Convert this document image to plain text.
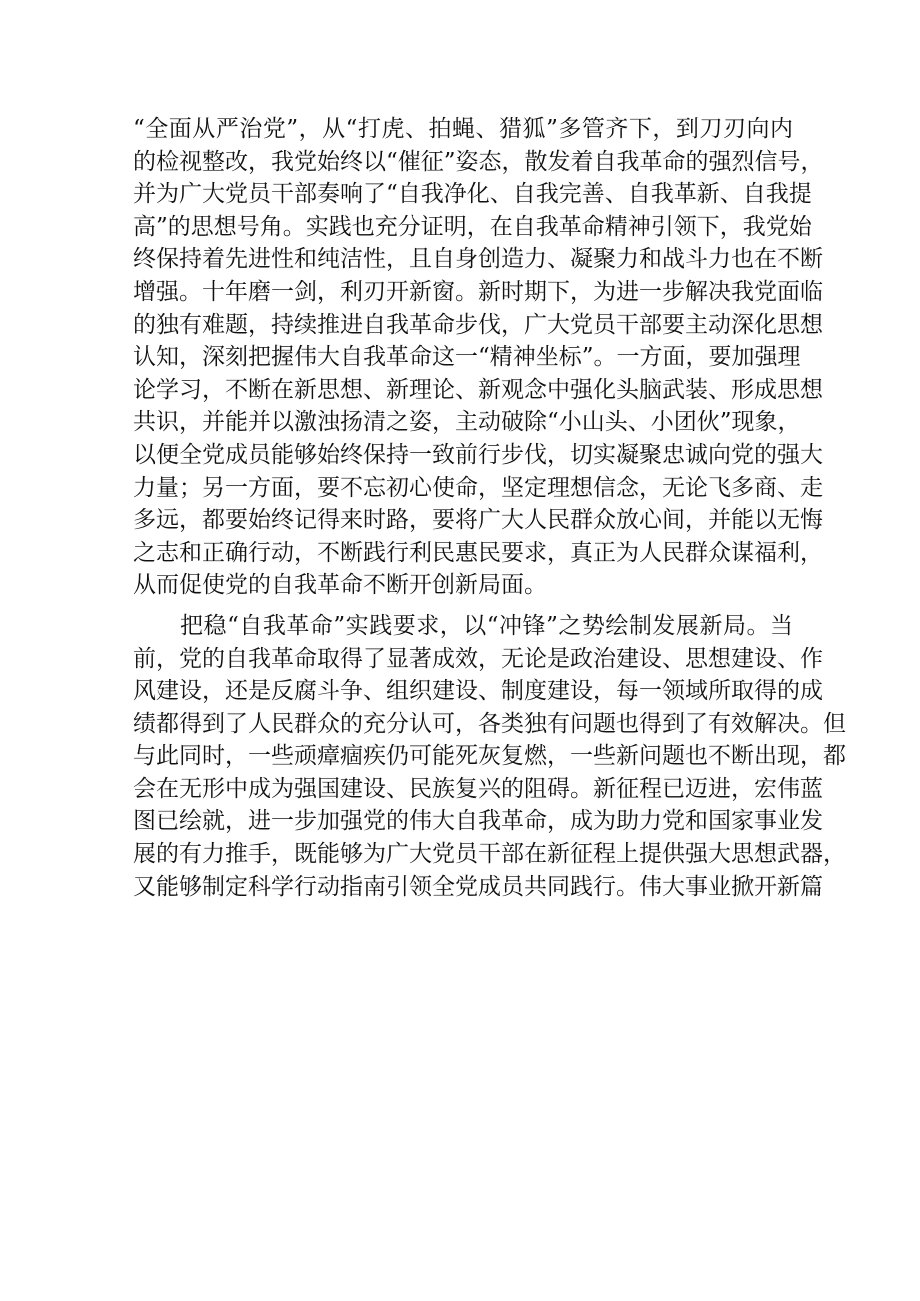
“全面从严治党”，从“打虎、拍蝇、猎狐”多管齐下，到刀刃向内
的检视整改，我党始终以“催征”姿态，散发着自我革命的强烈信号，
并为广大党员干部奏响了“自我净化、自我完善、自我革新、自我提
高”的思想号角。实践也充分证明，在自我革命精神引领下，我党始
终保持着先进性和纯洁性，且自身创造力、凝聚力和战斗力也在不断
增强。十年磨一剑，利刃开新窗。新时期下，为进一步解决我党面临
的独有难题，持续推进自我革命步伐，广大党员干部要主动深化思想
认知，深刻把握伟大自我革命这一“精神坐标”。一方面，要加强理
论学习，不断在新思想、新理论、新观念中强化头脑武装、形成思想
共识，并能并以激浊扬清之姿，主动破除“小山头、小团伙”现象，
以便全党成员能够始终保持一致前行步伐，切实凝聚忠诚向党的强大
力量；另一方面，要不忘初心使命，坚定理想信念，无论飞多商、走
多远，都要始终记得来时路，要将广大人民群众放心间，并能以无悔
之志和正确行动，不断践行利民惠民要求，真正为人民群众谋福利，
从而促使党的自我革命不断开创新局面。
　　把稳“自我革命”实践要求，以“冲锋”之势绘制发展新局。当
前，党的自我革命取得了显著成效，无论是政治建设、思想建设、作
风建设，还是反腐斗争、组织建设、制度建设，每一领域所取得的成
绩都得到了人民群众的充分认可，各类独有问题也得到了有效解决。但
与此同时，一些顽瘴痼疾仍可能死灰复燃，一些新问题也不断出现，都
会在无形中成为强国建设、民族复兴的阻碍。新征程已迈进，宏伟蓝
图已绘就，进一步加强党的伟大自我革命，成为助力党和国家事业发
展的有力推手，既能够为广大党员干部在新征程上提供强大思想武器，
又能够制定科学行动指南引领全党成员共同践行。伟大事业掀开新篇
